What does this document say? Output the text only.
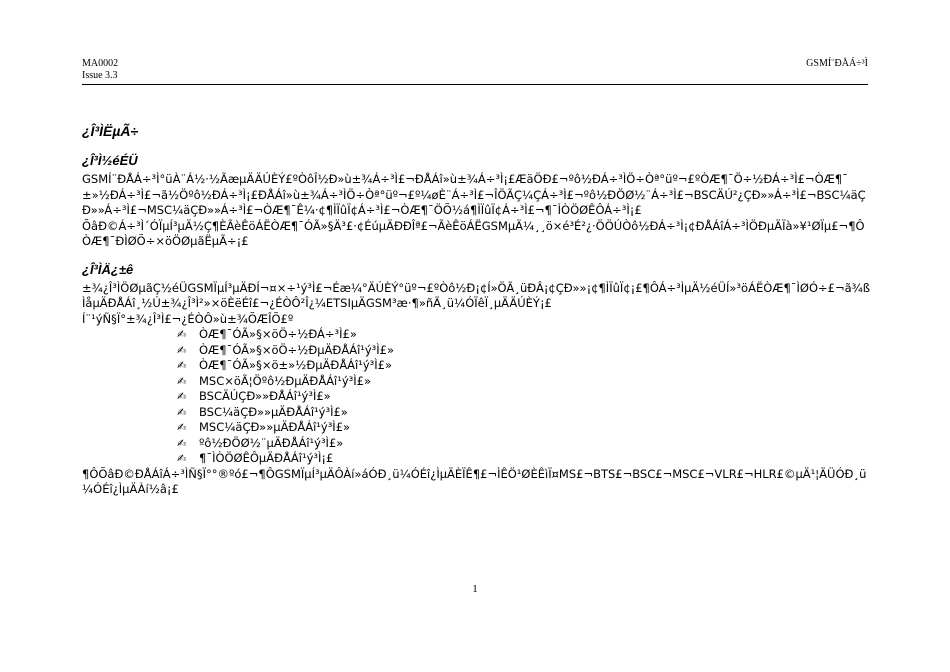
MA0002
Issue 3.3
GSMÍ¨ĐÅÁ÷³Ì
¿Î³ÌËµÃ÷
¿Î³Ì½éÉÜ

GSMÍ¨ĐÅÁ÷³Ì°üÀ¨Á½·½ÃæµÄÄÚÈÝ£ºÒôÎ½Ð»ù±¾Á÷³Ì£¬ĐÅÁî»ù±¾Á÷³Ì¡£ÆäÖÐ£¬ºô½ÐÁ÷³ÌÖ÷Òª°üº¬£ºÒÆ¶¯Ö÷½ÐÁ÷³Ì£¬ÒÆ¶¯±»½ÐÁ÷³Ì£¬ã½Öºô½ÐÁ÷³Ì¡£ĐÅÁî»ù±¾Á÷³ÌÖ÷Òª°üº¬£º¼øÈ¨Á÷³Ì£¬ÎÖÃÇ¼ÇÁ÷³Ì£¬ºô½ÐÖØ½¨Á÷³Ì£¬BSCÄÚ²¿ÇÐ»»Á÷³Ì£¬BSC¼äÇÐ»»Á÷³Ì£¬MSC¼äÇÐ»»Á÷³Ì£¬ÒÆ¶¯Ê¼·¢¶ÌÏûÏ¢Á÷³Ì£¬ÒÆ¶¯ÖÕ½á¶ÌÏûÏ¢Á÷³Ì£¬¶¯ÌÒÖØÊÔÁ÷³Ì¡£

ÕâÐ©Á÷³Ì´ÓÏµÍ³µÄ½Ç¶ÈÃèÊöÁËÒÆ¶¯ÓÃ»§Ä³£·¢ÉúµÄÐÐÎª£¬ÃèÊöÁËGSMµÄ¼¸¸ö×é³É²¿·ÖÖÚÒô½ÐÁ÷³Ì¡¢ĐÅÁîÁ÷³ÌÖÐµÄÏà»¥¹ØÏµ£¬¶ÔÒÆ¶¯ĐÌØÕ÷×öÖØµãËµÃ÷¡£

¿Î³ÌÄ¿±ê

±¾¿Î³ÌÖØµãÇ½éÜGSMÏµÍ³µÄÐÍ¬¤×÷¹ý³Ì£¬Éæ¼°ÄÚÈÝ°üº¬£ºÒô½Ð¡¢Í»ÖÃ¸üÐÂ¡¢ÇÐ»»¡¢¶ÌÏûÏ¢¡£¶ÔÁ÷³ÌµÄ½éÜÍ»³öÁËÒÆ¶¯ÌØÓ÷£¬ã¾ßÌåµÄĐÅÁî¸½Ú±¾¿Î³Ì²»×öÈëÉî£¬¿ÉÒÔ²Î¿¼ETSIµÄGSM³æ·¶»ñÃ¸ü¼ÓÏêÏ¸µÄÄÚÈÝ¡£

Í¨¹ýÑ§Ï°±¾¿Î³Ì£¬¿ÉÒÔ»ù±¾ÕÆÎÕ£º

✍	ÒÆ¶¯ÓÃ»§×öÖ÷½ÐÁ÷³Ì£»
✍	ÒÆ¶¯ÓÃ»§×öÖ÷½ÐµÄĐÅÁî¹ý³Ì£»
✍	ÒÆ¶¯ÓÃ»§×ö±»½ÐµÄĐÅÁî¹ý³Ì£»
✍	MSC×öÃ¦Öºô½ÐµÄĐÅÁî¹ý³Ì£»
✍	BSCÄÚÇÐ»»ĐÅÁî¹ý³Ì£»
✍	BSC¼äÇÐ»»µÄĐÅÁî¹ý³Ì£»
✍	MSC¼äÇÐ»»µÄĐÅÁî¹ý³Ì£»
✍	ºô½ÐÖØ½¨µÄĐÅÁî¹ý³Ì£»
✍	¶¯ÌÒÖØÊÔµÄĐÅÁî¹ý³Ì¡£

¶ÔÕâÐ©ĐÅÁîÁ÷³ÌÑ§Ï°°®ºó£¬¶ÔGSMÏµÍ³µÄÔÀí»áÓÐ¸ü¼ÓÉî¿ÌµÄÈÏÊ¶£¬ÌÊÖ¹ØÈÊìÏ¤MS£¬BTS£¬BSC£¬MSC£¬VLR£¬HLR£©µÄ¹¦ÄÜÓÐ¸ü¼ÓÉî¿ÌµÄÀí½â¡£

1
